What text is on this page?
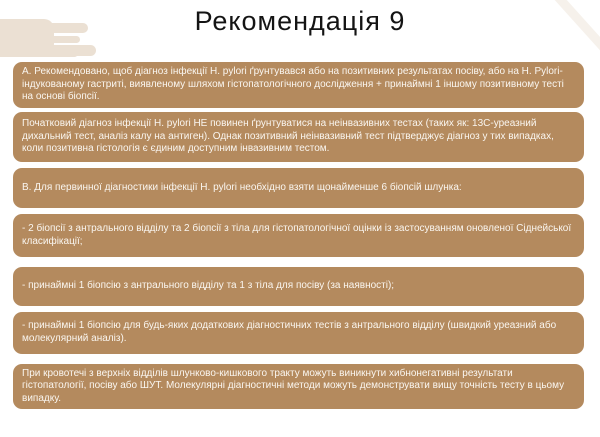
Рекомендація 9
А. Рекомендовано, щоб діагноз інфекції H. pylori ґрунтувався або на позитивних результатах посіву, або на H. Pylori-індукованому гастриті, виявленому шляхом гістопатологічного дослідження + принаймні 1 іншому позитивному тесті на основі біопсії.
Початковий діагноз інфекції H. pylori НЕ повинен ґрунтуватися на неінвазивних тестах (таких як: 13С-уреазний дихальний тест, аналіз калу на антиген). Однак позитивний неінвазивний тест підтверджує діагноз у тих випадках, коли позитивна гістологія є єдиним доступним інвазивним тестом.
В. Для первинної діагностики інфекції H. pylori необхідно взяти щонайменше 6 біопсій шлунка:
- 2 біопсії з антрального відділу та 2 біопсії з тіла для гістопатологічної оцінки із застосуванням оновленої Сіднейської класифікації;
- принаймні 1 біопсію з антрального відділу та 1 з тіла для посіву (за наявності);
- принаймні 1 біопсію для будь-яких додаткових діагностичних тестів з антрального відділу (швидкий уреазний або молекулярний аналіз).
При кровотечі з верхніх відділів шлунково-кишкового тракту можуть виникнути хибнонегативні результати гістопатології, посіву або ШУТ. Молекулярні діагностичні методи можуть демонструвати вищу точність тесту в цьому випадку.
